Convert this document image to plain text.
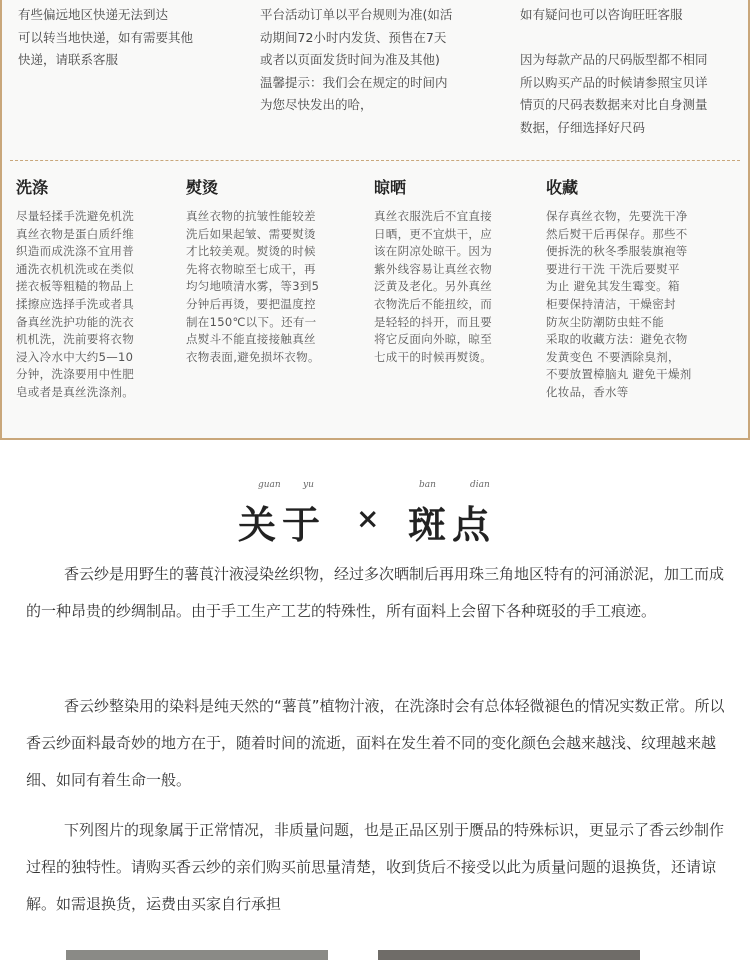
有些偏远地区快递无法到达
可以转当地快递，如有需要其他
快递，请联系客服
平台活动订单以平台规则为准(如活
动期间72小时内发货、预售在7天
或者以页面发货时间为准及其他)
温馨提示：我们会在规定的时间内
为您尽快发出的哈，
如有疑问也可以咨询旺旺客服

因为每款产品的尺码版型都不相同
所以购买产品的时候请参照宝贝详
情页的尺码表数据来对比自身测量
数据，仔细选择好尺码
洗涤
尽量轻揉手洗避免机洗
真丝衣物是蛋白质纤维
织造而成洗涤不宜用普
通洗衣机机洗或在类似
搓衣板等粗糙的物品上
揉擦应选择手洗或者具
备真丝洗护功能的洗衣
机机洗，洗前要将衣物
浸入冷水中大约5—10
分钟，洗涤要用中性肥
皂或者是真丝洗涤剂。
熨烫
真丝衣物的抗皱性能较差
洗后如果起皱、需要熨烫
才比较美观。熨烫的时候
先将衣物晾至七成干，再
均匀地喷清水雾，等3到5
分钟后再烫，要把温度控
制在150℃以下。还有一
点熨斗不能直接接触真丝
衣物表面,避免损坏衣物。
晾晒
真丝衣服洗后不宜直接
日晒，更不宜烘干，应
该在阴凉处晾干。因为
紫外线容易让真丝衣物
泛黄及老化。另外真丝
衣物洗后不能扭绞，而
是轻轻的抖开，而且要
将它反面向外晾，晾至
七成干的时候再熨烫。
收藏
保存真丝衣物，先要洗干净
然后熨干后再保存。那些不
便拆洗的秋冬季服装旗袍等
要进行干洗 干洗后要熨平
为止 避免其发生霉变。箱
柜要保持清洁，干燥密封
防灰尘防潮防虫蛀不能
采取的收藏方法：避免衣物
发黄变色 不要洒除臭剂，
不要放置樟脑丸 避免干燥剂
化妆品，香水等
guan yu	ban	dian
关于 × 斑点

香云纱是用野生的薯莨汁液浸染丝织物，经过多次晒制后再用珠三角地区特有的河涌淤泥，加工而成的一种昂贵的纱绸制品。由于手工生产工艺的特殊性，所有面料上会留下各种斑驳的手工痕迹。

香云纱整染用的染料是纯天然的“薯莨”植物汁液，在洗涤时会有总体轻微褪色的情况实数正常。所以香云纱面料最奇妙的地方在于，随着时间的流逝，面料在发生着不同的变化颜色会越来越浅、纹理越来越细、如同有着生命一般。

下列图片的现象属于正常情况，非质量问题，也是正品区别于赝品的特殊标识，更显示了香云纱制作过程的独特性。请购买香云纱的亲们购买前思量清楚，收到货后不接受以此为质量问题的退换货，还请谅解。如需退换货，运费由买家自行承担
